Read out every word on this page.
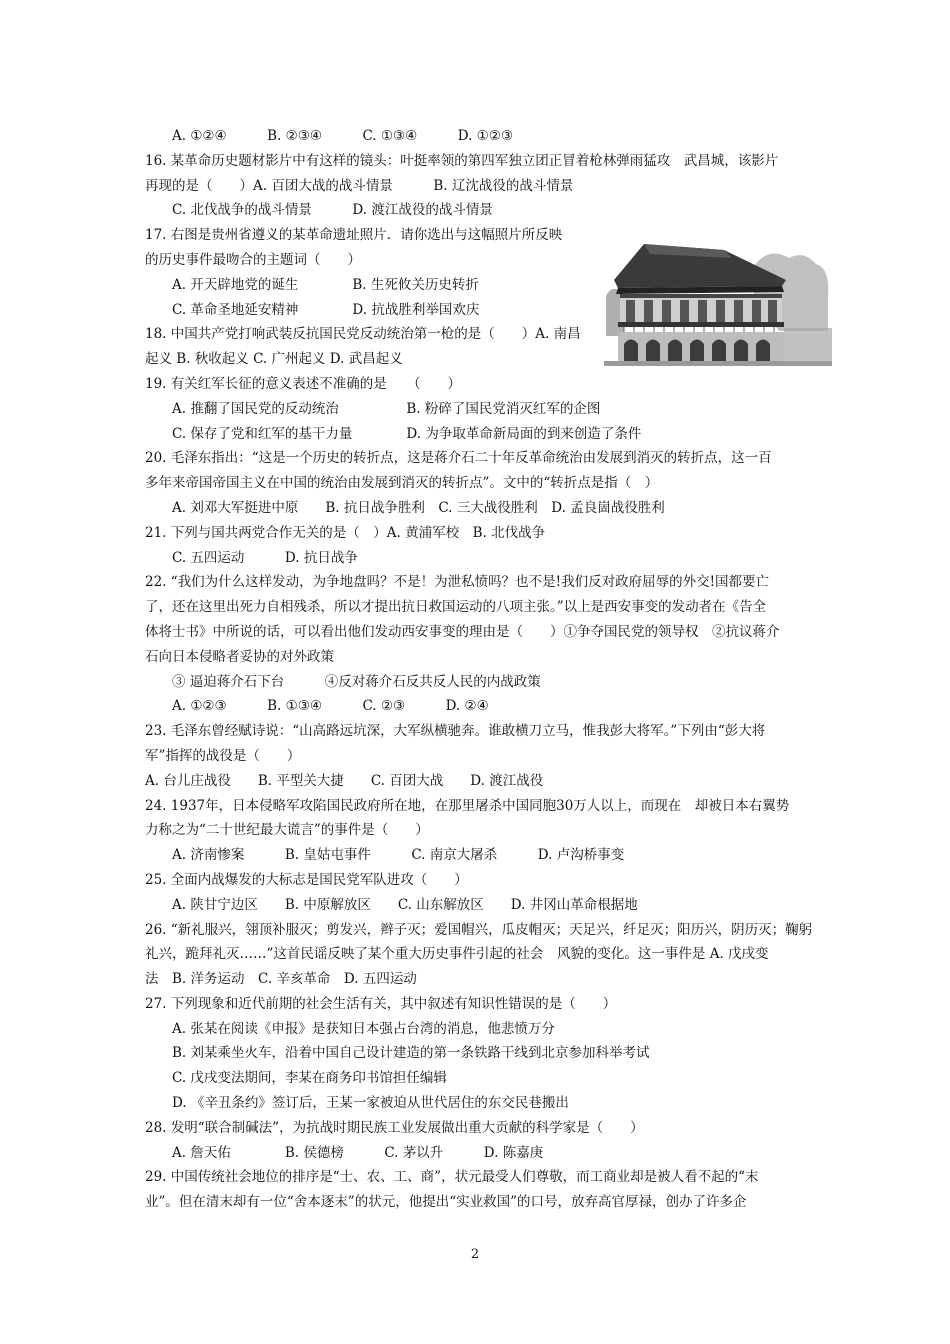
A. ①②④　　　B. ②③④　　　C. ①③④　　　D. ①②③
16. 某革命历史题材影片中有这样的镜头：叶挺率领的第四军独立团正冒着枪林弹雨猛攻　武昌城，该影片
再现的是（　　）A. 百团大战的战斗情景　　　B. 辽沈战役的战斗情景
C. 北伐战争的战斗情景　　　D. 渡江战役的战斗情景
17. 右图是贵州省遵义的某革命遗址照片．请你选出与这幅照片所反映
的历史事件最吻合的主题词（　　）
A. 开天辟地党的诞生　　　　B. 生死攸关历史转折
C. 革命圣地延安精神　　　　D. 抗战胜利举国欢庆
18. 中国共产党打响武装反抗国民党反动统治第一枪的是（　　）A. 南昌
起义 B. 秋收起义 C. 广州起义 D. 武昌起义
19. 有关红军长征的意义表述不准确的是　　（　　）
A. 推翻了国民党的反动统治　　　　　B. 粉碎了国民党消灭红军的企图
C. 保存了党和红军的基干力量　　　　D. 为争取革命新局面的到来创造了条件
20. 毛泽东指出：“这是一个历史的转折点，这是蒋介石二十年反革命统治由发展到消灭的转折点，这一百
多年来帝国帝国主义在中国的统治由发展到消灭的转折点”。文中的“转折点是指（　）
A. 刘邓大军挺进中原　　B. 抗日战争胜利　C. 三大战役胜利　D. 孟良崮战役胜利
21. 下列与国共两党合作无关的是（　）A. 黄浦军校　B. 北伐战争
C. 五四运动　　　D. 抗日战争
22. “我们为什么这样发动，为争地盘吗？不是！为泄私愤吗？也不是!我们反对政府屈辱的外交!国都要亡
了，还在这里出死力自相残杀，所以才提出抗日救国运动的八项主张。”以上是西安事变的发动者在《告全
体将士书》中所说的话，可以看出他们发动西安事变的理由是（　　）①争夺国民党的领导权　②抗议蒋介
石向日本侵略者妥协的对外政策
③ 逼迫蒋介石下台　　　④反对蒋介石反共反人民的内战政策
A. ①②③　　　B. ①③④　　　C. ②③　　　D. ②④
23. 毛泽东曾经赋诗说：“山高路远坑深，大军纵横驰奔。谁敢横刀立马，惟我彭大将军。”下列由“彭大将
军”指挥的战役是（　　）
A. 台儿庄战役　　B. 平型关大捷　　C. 百团大战　　D. 渡江战役
24. 1937年，日本侵略军攻陷国民政府所在地，在那里屠杀中国同胞30万人以上，而现在　却被日本右翼势
力称之为“二十世纪最大谎言”的事件是（　　）
A. 济南惨案　　　B. 皇姑屯事件　　　C. 南京大屠杀　　　D. 卢沟桥事变
25. 全面内战爆发的大标志是国民党军队进攻（　　）
A. 陕甘宁边区　　B. 中原解放区　　C. 山东解放区　　D. 井冈山革命根据地
26. “新礼服兴，翎顶补服灭；剪发兴，辫子灭；爱国帽兴，瓜皮帽灭；天足兴，纤足灭；阳历兴，阴历灭；鞠躬
礼兴，跪拜礼灭……”这首民谣反映了某个重大历史事件引起的社会　风貌的变化。这一事件是 A. 戊戌变
法　B. 洋务运动　C. 辛亥革命　D. 五四运动
27. 下列现象和近代前期的社会生活有关，其中叙述有知识性错误的是（　　）
A. 张某在阅读《申报》是获知日本强占台湾的消息，他悲愤万分
B. 刘某乘坐火车，沿着中国自己设计建造的第一条铁路干线到北京参加科举考试
C. 戊戌变法期间，李某在商务印书馆担任编辑
D. 《辛丑条约》签订后，王某一家被迫从世代居住的东交民巷搬出
28. 发明“联合制碱法”，为抗战时期民族工业发展做出重大贡献的科学家是（　　）
A. 詹天佑　　　　B. 侯德榜　　　C. 茅以升　　　D. 陈嘉庚
29. 中国传统社会地位的排序是“士、农、工、商”，状元最受人们尊敬，而工商业却是被人看不起的“末
业”。但在清末却有一位“舍本逐末”的状元，他提出“实业救国”的口号，放弃高官厚禄，创办了许多企
2
